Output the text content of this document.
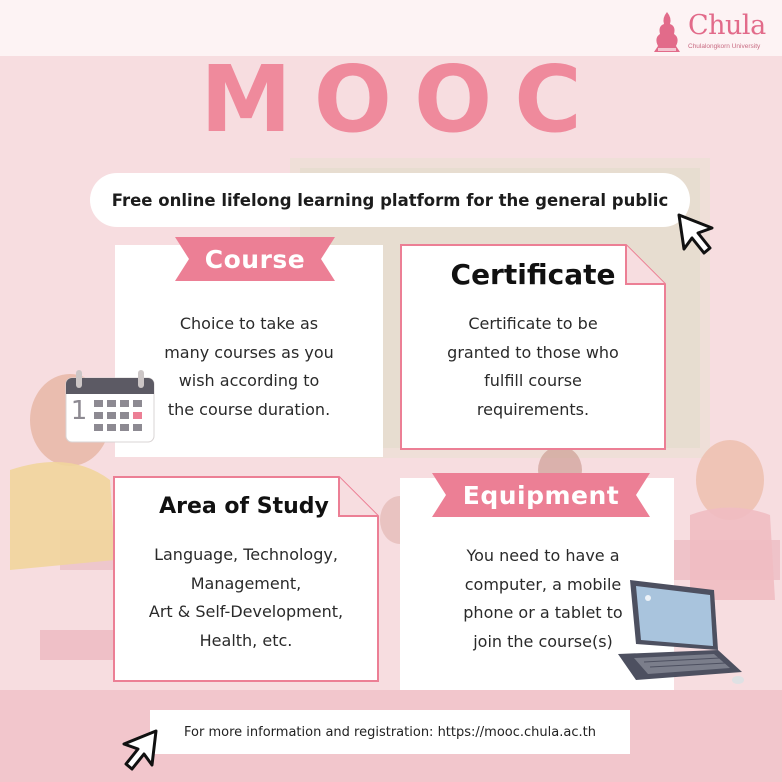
Chula
Chulalongkorn University
MOOC
Free online lifelong learning platform for the general public
Course
Choice to take as
many courses as you
wish according to
the course duration.
1
Certificate
Certificate to be
granted to those who
fulfill course
requirements.
Area of Study
Language, Technology,
Management,
Art & Self-Development,
Health, etc.
Equipment
You need to have a
computer, a mobile
phone or a tablet to
join the course(s)
For more information and registration: https://mooc.chula.ac.th
